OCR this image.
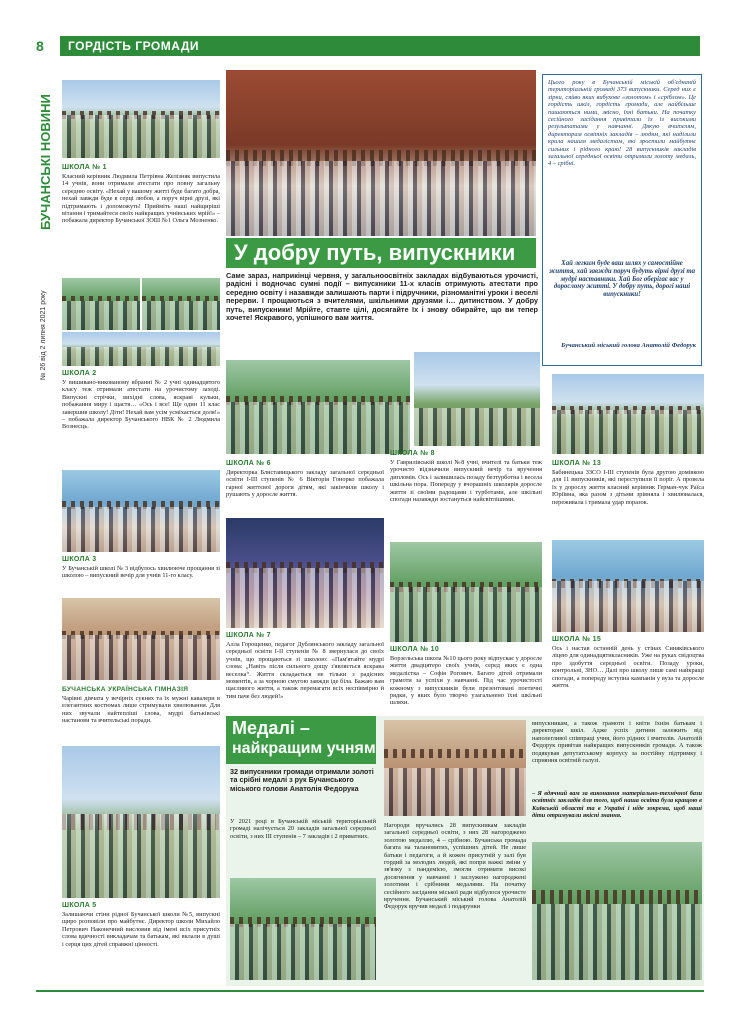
8	ГОРДІСТЬ ГРОМАДИ
БУЧАНСЬКІ НОВИНИ
№ 26 від 2 липня 2021 року
ШКОЛА № 1
Класний керівник Людмила Петрівна Желізняк випустила 14 учнів, вони отримали атестати про повну загальну середню освіту. «Нехай у вашому житті буде багато добра, нехай завжди буде в серці любов, а поруч вірні друзі, які підтримають і допоможуть! Прийміть наші найщиріші вітання і тримайтеся своїх найкращих учнівських мрій!» – побажала директор Бучанської ЗОШ №1 Ольга Мозненко.
ШКОЛА 2
У вишивано-викованому вбранні № 2 учні одинадцятого класу теж отримали атестати на урочистому заході. Випускні стрічки, вихідні слова, яскраві кульки, побажання миру і щастя… «Ось і все! Ще один 11 клас завершив школу! Діти! Нехай вам усім усміхається доля!» – побажала директор Бучанського НВК № 2 Людмила Вознесць.
ШКОЛА 3
У Бучанській школі № 3 відбулось хвилююче прощання зі школою – випускний вечір для учнів 11-го класу.
БУЧАНСЬКА УКРАЇНСЬКА ГІМНАЗІЯ
Чарівні дівчата у вечірніх сукнях та їх мужні кавалери в елегантних костюмах лише стримували хвилювання. Для них звучали найтепліші слова, мудрі батьківські настанови та вчительські поради.
ШКОЛА 5
Залишаючи стіни рідної Бучанської школи №5, випускні щиро розповіли про майбутнє. Директор школи Михайло Петрович Наконечний висловив від імені всіх присутніх слова вдячності викладачам та батькам, які вклали в душі і серця цих дітей справжні цінності.
Цього року в Бучанській міській об'єднаній територіальній громаді 373 випускники. Серед них є зірки, сяйво яких вибухове «золотом» і «сріблом». Це гордість шкіл, гордість громади, але найбільше пишаються ними, звісно, їхні батьки. На початку сесійного засідання привітали їх із високими результатами у навчанні. Дякую вчителям, директорам освітніх закладів – людям, які наділили крила нашим медалістам, які зростили майбутнє сильних і рідного краю! 28 випускників закладів загальної середньої освіти отримали золоту медаль, 4 – срібні.
Хай легким буде ваш шлях у самостійне життя, хай завжди поруч будуть вірні друзі та мудрі наставники. Хай Бог оберігає вас у дорослому житті. У добру путь, дорогі наші випускники!
Бучанський міський голова Анатолій Федорук
У добру путь, випускники
Саме зараз, наприкінці червня, у загальноосвітніх закладах відбуваються урочисті, радісні і водночас сумні події – випускники 11-х класів отримують атестати про середню освіту і назавжди залишають парти і підручники, різноманітні уроки і веселі перерви. І прощаються з вчителями, шкільними друзями і… дитинством. У добру путь, випускники! Мрійте, ставте цілі, досягайте їх і знову обирайте, що ви тепер хочете! Яскравого, успішного вам життя.
ШКОЛА № 6
Директорка Блиставицького закладу загальної середньої освіти І-ІІІ ступенів № 6 Вікторія Гонорко побажала гарної життєвої дороги дітям, які закінчили школу і рушають у доросле життя.
ШКОЛА № 8
У Гаврилівській школі №8 учні, вчителі та батьки теж урочисто відзначили випускний вечір та вручення дипломів. Ось і залишилась позаду безтурботна і весела шкільна пора. Попереду у вчорашніх школярів доросле життя зі своїми радощами і турботами, але шкільні спогади назавжди зостануться найсвітлішими.
ШКОЛА № 13
Бабинецька ЗЗСО І-ІІІ ступенів була другою домівкою для 11 випускників, які переступили її поріг. А провела їх у дорослу життя класний керівник Герман-чук Раїса Юріївна, яка разом з дітьми зрівняла і хвилювалася, переживала і тримала удар поразок.
ШКОЛА № 7
Алла Горощенко, педагог Дублянського закладу загальної середньої освіти І-ІІ ступенів № 8 звернулася до своїх учнів, що прощаються зі школою: «Пам'ятайте мудрі слова: „Навіть після сильного дощу з'являється яскрава веселка“. Життя складається не тільки з радісних моментів, а за чорною смугою завжди іде біла. Бажаю вам щасливого життя, а також перемагати всіх неспівмірно й тим паче без людей!»
ШКОЛА № 10
Ворзельська школа №10 цього року відпускає у доросле життя двадцятеро своїх учнів, серед яких є одна медалістка – Софія Рогович. Багато дітей отримали грамоти за успіхи у навчанні. Під час урочистості кожному з випускників були презентовані поетичні рядки, у яких було творчо узагальнено їхні шкільні шляхи.
ШКОЛА № 15
Ось і настав останній день у стінах Синяківського ліцею для одинадцятикласників. Уже на руках свідоцтва про здобуття середньої освіти. Позаду уроки, контрольні, ЗНО… Далі про школу лише самі найкращі спогади, а попереду вступна кампанія у вуза та доросле життя.
Медалі –
найкращим учням
32 випускники громади отримали золоті та срібні медалі з рук Бучанського міського голови Анатолія Федорука
У 2021 році в Бучанській міській територіальній громаді налічується 20 закладів загальної середньої освіти, з них ІІІ ступенів – 7 закладів і 2 приватних.
Нагороди вручались 28 випускникам закладів загальної середньої освіти, з них 28 нагороджено золотою медаллю, 4 – срібною. Бучанська громада багата на талановитих, успішних дітей. Не лише батьки і педагоги, а й кожен присутній у залі був гордий за молодих людей, які попри важкі зміни у зв'язку з пандемією, змогли отримати високі досягнення у навчанні і заслужено нагороджені золотими і срібними медалями. На початку сесійного засідання міської ради відбулося урочисте вручення. Бучанський міський голова Анатолій Федорук вручив медалі і подарунки
випускникам, а також грамоти і квіти їхнім батькам і директорам шкіл. Адже успіх дитини залежить від наполегливої співпраці учня, його рідних і вчителів. Анатолій Федорук привітав найкращих випускників громади. А також подякував депутатському корпусу за постійну підтримку і сприяння освітній галузі.
– Я вдячний вам за виконання матеріально-технічної бази освітніх закладів для того, щоб наша освіта була кращою в Київській області та в Україні і ніде зокрема, щоб наші діти отримували якісні знання.
